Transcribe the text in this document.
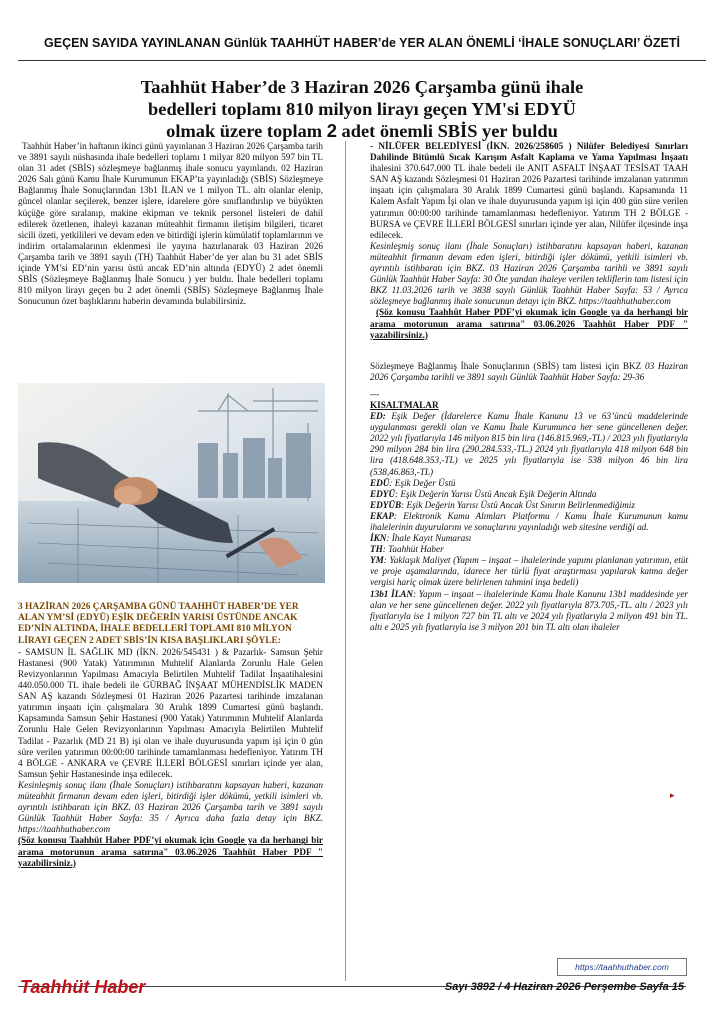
GEÇEN SAYIDA YAYINLANAN Günlük TAAHHÜT HABER’de YER ALAN ÖNEMLİ ‘İHALE SONUÇLARI’ ÖZETİ
Taahhüt Haber’de 3 Haziran 2026 Çarşamba günü ihale
bedelleri toplamı 810 milyon lirayı geçen YM'si EDYÜ
olmak üzere toplam 2 adet önemli SBİS yer buldu

Taahhüt Haber’in haftanın ikinci günü yayınlanan 3 Haziran 2026 Çarşamba tarih ve 3891 sayılı nüshasında ihale bedelleri toplamı 1 milyar 820 milyon 597 bin TL olan 31 adet (SBİS) sözleşmeye bağlanmış ihale sonucu yayınlandı. 02 Haziran 2026 Salı günü Kamu İhale Kurumunun EKAP’ta yayınladığı (SBİS) Sözleşmeye Bağlanmış İhale Sonuçlarından 13b1 İLAN ve 1 milyon TL. altı olanlar elenip, güncel olanlar seçilerek, benzer işlere, idarelere göre sınıflandırılıp ve büyükten küçüğe göre sıralanıp, makine ekipman ve teknik personel listeleri de dahil edilerek özetlenen, ihaleyi kazanan müteahhit firmanın iletişim bilgileri, ticaret sicili özeti, yetkilileri ve devam eden ve bitirdiği işlerin kümülatif toplamlarının ve indirim ortalamalarının eklenmesi ile yayına hazırlanarak 03 Haziran 2026 Çarşamba tarih ve 3891 sayılı (TH) Taahhüt Haber’de yer alan bu 31 adet SBİS içinde YM’si ED’nin yarısı üstü ancak ED’nin altında (EDYÜ) 2 adet önemli SBİS (Sözleşmeye Bağlanmış İhale Sonucu ) yer buldu. İhale bedelleri toplamı 810 milyon lirayı geçen bu 2 adet önemli (SBİS) Sözleşmeye Bağlanmış İhale Sonucunun özet başlıklarını haberin devamında bulabilirsiniz.

3 HAZİRAN 2026 ÇARŞAMBA GÜNÜ TAAHHÜT HABER’DE YER ALAN YM’Sİ (EDYÜ) EŞİK DEĞERİN YARISI ÜSTÜNDE ANCAK ED’NİN ALTINDA, İHALE BEDELLERİ TOPLAMI 810 MİLYON LİRAYI GEÇEN 2 ADET SBİS’İN KISA BAŞLIKLARI ŞÖYLE:

- SAMSUN İL SAĞLIK MD (İKN. 2026/545431 ) & Pazarlık- Samsun Şehir Hastanesi (900 Yatak) Yatırımının Muhtelif Alanlarda Zorunlu Hale Gelen Revizyonlarının Yapılması Amacıyla Belirtilen Muhtelif Tadilat İnşaatihalesini 440.050.000 TL ihale bedeli ile GÜRBAĞ İNŞAAT MÜHENDİSLİK MADEN SAN AŞ kazandı Sözleşmesi 01 Haziran 2026 Pazartesi tarihinde imzalanan yatırımın inşaatı için çalışmalara 30 Aralık 1899 Cumartesi günü başlandı. Kapsamında Samsun Şehir Hastanesi (900 Yatak) Yatırımının Muhtelif Alanlarda Zorunlu Hale Gelen Revizyonlarının Yapılması Amacıyla Belirtilen Muhtelif Tadilat - Pazarlık (MD 21 B) işi olan ve ihale duyurusunda yapım işi için 0 gün süre verilen yatırımın 00:00:00 tarihinde tamamlanması hedefleniyor. Yatırım TH 4 BÖLGE - ANKARA ve ÇEVRE İLLERİ BÖLGESİ sınırları içinde yer alan, Samsun Şehir Hastanesinde inşa edilecek.

Kesinleşmiş sonuç ilanı (İhale Sonuçları) istihbaratını kapsayan haberi, kazanan müteahhit firmanın devam eden işleri, bitirdiği işler dökümü, yetkili isimleri vb. ayrıntılı istihbaratı için BKZ. 03 Haziran 2026 Çarşamba tarih ve 3891 sayılı Günlük Taahhüt Haber Sayfa: 35 / Ayrıca daha fazla detay için BKZ. https://taahhuthaber.com

(Söz konusu Taahhüt Haber PDF’yi okumak için Google ya da herhangi bir arama motorunun arama satırına" 03.06.2026 Taahhüt Haber PDF " yazabilirsiniz.)

- NİLÜFER BELEDİYESİ (İKN. 2026/258605 ) Nilüfer Belediyesi Sınırları Dahilinde Bitümlü Sıcak Karışım Asfalt Kaplama ve Yama Yapılması İnşaatı ihalesini 370.647.000 TL ihale bedeli ile ANIT ASFALT İNŞAAT TESİSAT TAAH SAN AŞ kazandı Sözleşmesi 01 Haziran 2026 Pazartesi tarihinde imzalanan yatırımın inşaatı için çalışmalara 30 Aralık 1899 Cumartesi günü başlandı. Kapsamında 11 Kalem Asfalt Yapım İşi olan ve ihale duyurusunda yapım işi için 400 gün süre verilen yatırımın 00:00:00 tarihinde tamamlanması hedefleniyor. Yatırım TH 2 BÖLGE - BURSA ve ÇEVRE İLLERİ BÖLGESİ sınırları içinde yer alan, Nilüfer ilçesinde inşa edilecek.

Kesinleşmiş sonuç ilanı (İhale Sonuçları) istihbaratını kapsayan haberi, kazanan müteahhit firmanın devam eden işleri, bitirdiği işler dökümü, yetkili isimleri vb. ayrıntılı istihbaratı için BKZ. 03 Haziran 2026 Çarşamba tarihli ve 3891 sayılı Günlük Taahhüt Haber Sayfa: 30 Öte yandan ihaleye verilen tekliflerin tam listesi için BKZ 11.03.2026 tarih ve 3838 sayılı Günlük Taahhüt Haber Sayfa: 53 / Ayrıca sözleşmeye bağlanmış ihale sonucunun detayı için BKZ. https://taahhuthaber.com

(Söz konusu Taahhüt Haber PDF’yi okumak için Google ya da herhangi bir arama motorunun arama satırına" 03.06.2026 Taahhüt Haber PDF " yazabilirsiniz.)

Sözleşmeye Bağlanmış İhale Sonuçlarının (SBİS) tam listesi için BKZ 03 Haziran 2026 Çarşamba tarihli ve 3891 sayılı Günlük Taahhüt Haber Sayfa: 29-36

---

KISALTMALAR

ED: Eşik Değer (İdarelerce Kamu İhale Kanunu 13 ve 63’üncü maddelerinde uygulanması gerekli olan ve Kamu İhale Kurumunca her sene güncellenen değer. 2022 yılı fiyatlarıyla 146 milyon 815 bin lira (146.815.969,-TL) / 2023 yılı fiyatlarıyla 290 milyon 284 bin lira (290.284.533,-TL.) 2024 yılı fiyatlarıyla 418 milyon 648 bin lira (418.648.353,-TL) ve 2025 yılı fiyatlarıyla ise 538 milyon 46 bin lira (538,46.863,-TL)

EDÜ: Eşik Değer Üstü

EDYÜ: Eşik Değerin Yarısı Üstü Ancak Eşik Değerin Altında

EDYÜB: Eşik Değerin Yarısı Üstü Ancak Üst Sınırın Belirlenmediğimiz

EKAP: Elektronik Kamu Alımları Platformu / Kamu İhale Kurumunun kamu ihalelerinin duyurularını ve sonuçlarını yayınladığı web sitesine verdiği ad.

İKN: İhale Kayıt Numarası

TH: Taahhüt Haber

YM: Yaklaşık Maliyet (Yapım – inşaat – ihalelerinde yapımı planlanan yatırımın, etüt ve proje aşamalarında, idarece her türlü fiyat araştırması yapılarak katma değer vergisi hariç olmak üzere belirlenen tahmini inşa bedeli)

13b1 İLAN: Yapım – inşaat – ihalelerinde Kamu İhale Kanunu 13b1 maddesinde yer alan ve her sene güncellenen değer. 2022 yılı fiyatlarıyla 873.705,-TL. altı / 2023 yılı fiyatlarıyla ise 1 milyon 727 bin TL altı ve 2024 yılı fiyatlarıyla 2 milyon 491 bin TL. altı e 2025 yılı fiyatlarıyla ise 3 milyon 201 bin TL altı olan ihaleler

▸
https://taahhuthaber.com
Taahhüt Haber	Sayı 3892 / 4 Haziran 2026 Perşembe Sayfa 15
